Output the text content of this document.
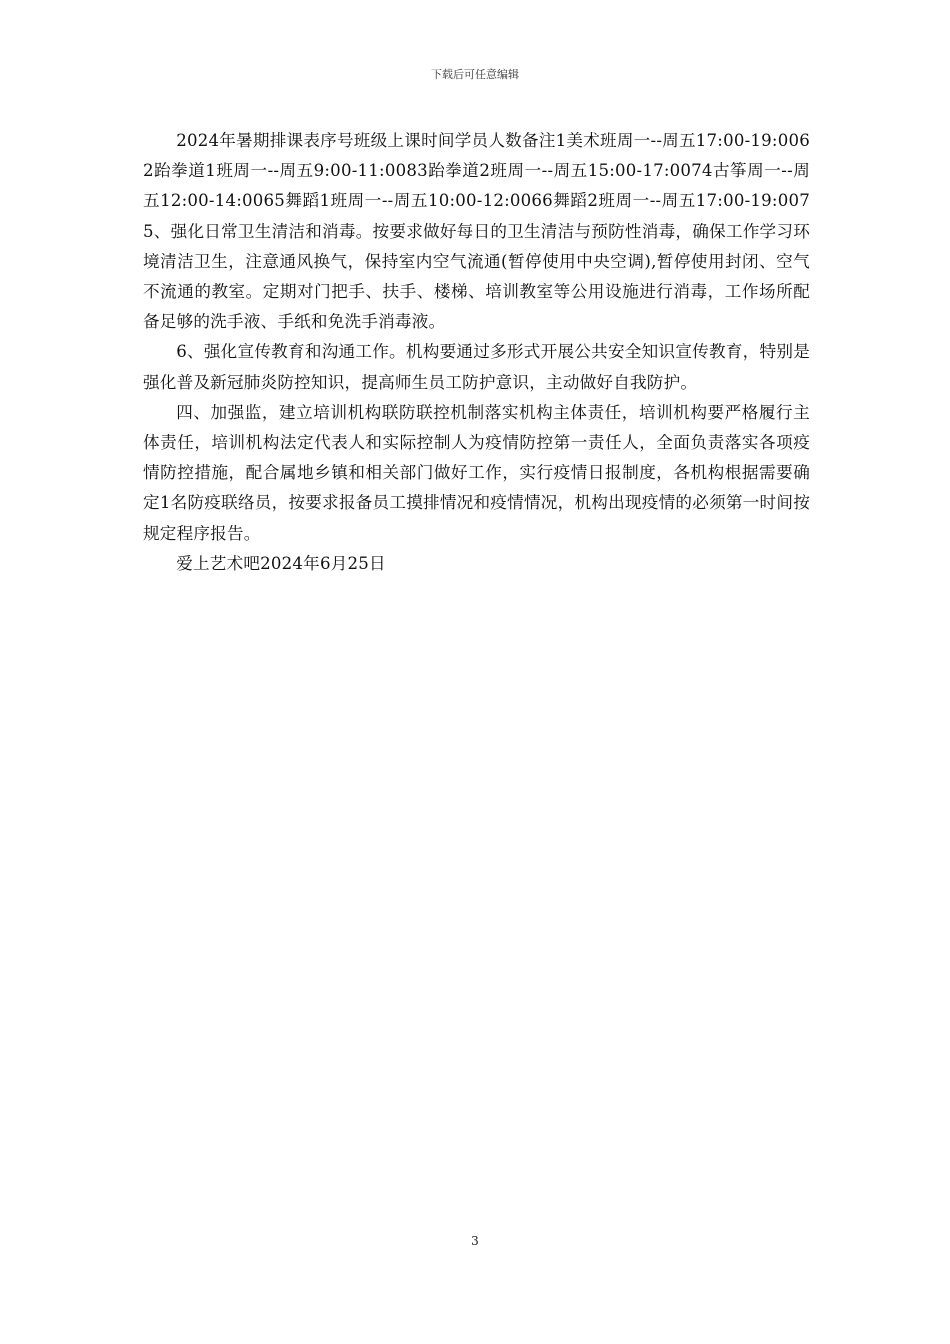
下载后可任意编辑

2024年暑期排课表序号班级上课时间学员人数备注1美术班周一--周五17:00-19:0062跆拳道1班周一--周五9:00-11:0083跆拳道2班周一--周五15:00-17:0074古筝周一--周五12:00-14:0065舞蹈1班周一--周五10:00-12:0066舞蹈2班周一--周五17:00-19:0075、强化日常卫生清洁和消毒。按要求做好每日的卫生清洁与预防性消毒，确保工作学习环境清洁卫生，注意通风换气，保持室内空气流通(暂停使用中央空调),暂停使用封闭、空气不流通的教室。定期对门把手、扶手、楼梯、培训教室等公用设施进行消毒，工作场所配备足够的洗手液、手纸和免洗手消毒液。

6、强化宣传教育和沟通工作。机构要通过多形式开展公共安全知识宣传教育，特别是强化普及新冠肺炎防控知识，提高师生员工防护意识，主动做好自我防护。

四、加强监，建立培训机构联防联控机制落实机构主体责任，培训机构要严格履行主体责任，培训机构法定代表人和实际控制人为疫情防控第一责任人，全面负责落实各项疫情防控措施，配合属地乡镇和相关部门做好工作，实行疫情日报制度，各机构根据需要确定1名防疫联络员，按要求报备员工摸排情况和疫情情况，机构出现疫情的必须第一时间按规定程序报告。

爱上艺术吧2024年6月25日

3
